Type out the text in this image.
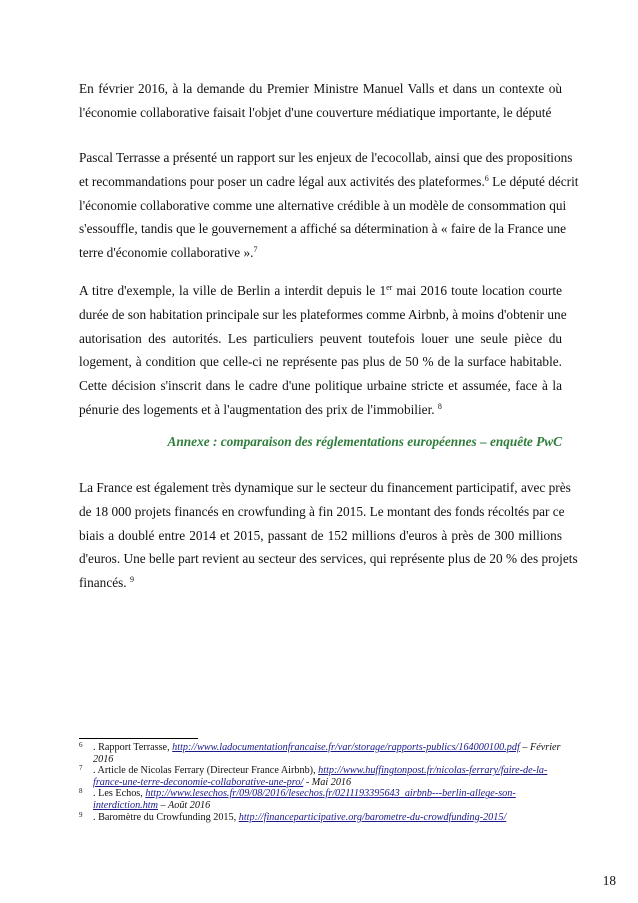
En février 2016, à la demande du Premier Ministre Manuel Valls et dans un contexte où
l'économie collaborative faisait l'objet d'une couverture médiatique importante, le député

Pascal Terrasse a présenté un rapport sur les enjeux de l'ecocollab, ainsi que des propositions
et recommandations pour poser un cadre légal aux activités des plateformes.$^6$ Le député décrit
l'économie collaborative comme une alternative crédible à un modèle de consommation qui
s'essouffle, tandis que le gouvernement a affiché sa détermination à « faire de la France une
terre d'économie collaborative ».$^7$

A titre d'exemple, la ville de Berlin a interdit depuis le 1er mai 2016 toute location courte
durée de son habitation principale sur les plateformes comme Airbnb, à moins d'obtenir une
autorisation des autorités. Les particuliers peuvent toutefois louer une seule pièce du
logement, à condition que celle-ci ne représente pas plus de 50 % de la surface habitable.
Cette décision s'inscrit dans le cadre d'une politique urbaine stricte et assumée, face à la
pénurie des logements et à l'augmentation des prix de l'immobilier. $^8$

Annexe : comparaison des réglementations européennes – enquête PwC

La France est également très dynamique sur le secteur du financement participatif, avec près
de 18 000 projets financés en crowfunding à fin 2015. Le montant des fonds récoltés par ce
biais a doublé entre 2014 et 2015, passant de 152 millions d'euros à près de 300 millions
d'euros. Une belle part revient au secteur des services, qui représente plus de 20 % des projets
financés. $^9$

6 . Rapport Terrasse, http://www.ladocumentationfrancaise.fr/var/storage/rapports-publics/164000100.pdf – Février 2016

7 . Article de Nicolas Ferrary (Directeur France Airbnb), http://www.huffingtonpost.fr/nicolas-ferrary/faire-de-la-france-une-terre-deconomie-collaborative-une-pro/ - Mai 2016

8 . Les Echos, http://www.lesechos.fr/09/08/2016/lesechos.fr/0211193395643_airbnb---berlin-allege-son-interdiction.htm – Août 2016

9 . Baromètre du Crowfunding 2015, http://financeparticipative.org/barometre-du-crowdfunding-2015/

18
